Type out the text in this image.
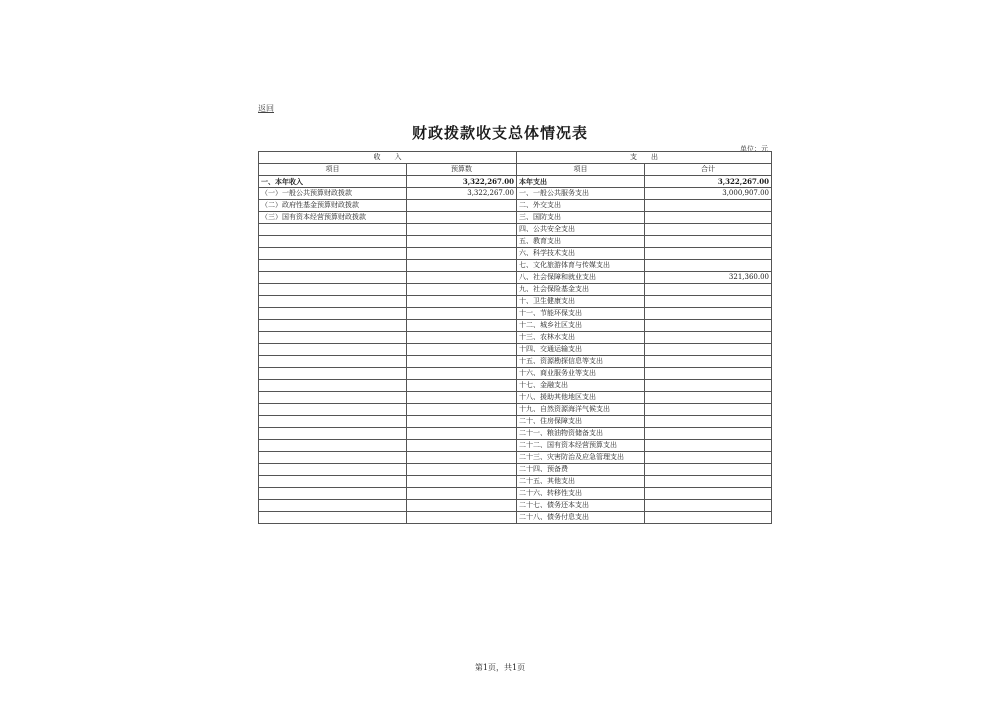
返回
财政拨款收支总体情况表
单位：元
收　　入		支　　出	
项目	预算数	项目	合计
一、本年收入	3,322,267.00	本年支出	3,322,267.00
（一）一般公共预算财政拨款	3,322,267.00	一、一般公共服务支出	3,000,907.00
（二）政府性基金预算财政拨款		二、外交支出	
（三）国有资本经营预算财政拨款		三、国防支出	
		四、公共安全支出	
		五、教育支出	
		六、科学技术支出	
		七、文化旅游体育与传媒支出	
		八、社会保障和就业支出	321,360.00
		九、社会保险基金支出	
		十、卫生健康支出	
		十一、节能环保支出	
		十二、城乡社区支出	
		十三、农林水支出	
		十四、交通运输支出	
		十五、资源勘探信息等支出	
		十六、商业服务业等支出	
		十七、金融支出	
		十八、援助其他地区支出	
		十九、自然资源海洋气候支出	
		二十、住房保障支出	
		二十一、粮油物资储备支出	
		二十二、国有资本经营预算支出	
		二十三、灾害防治及应急管理支出	
		二十四、预备费	
		二十五、其他支出	
		二十六、转移性支出	
		二十七、债务还本支出	
		二十八、债务付息支出	
第1页，共1页
